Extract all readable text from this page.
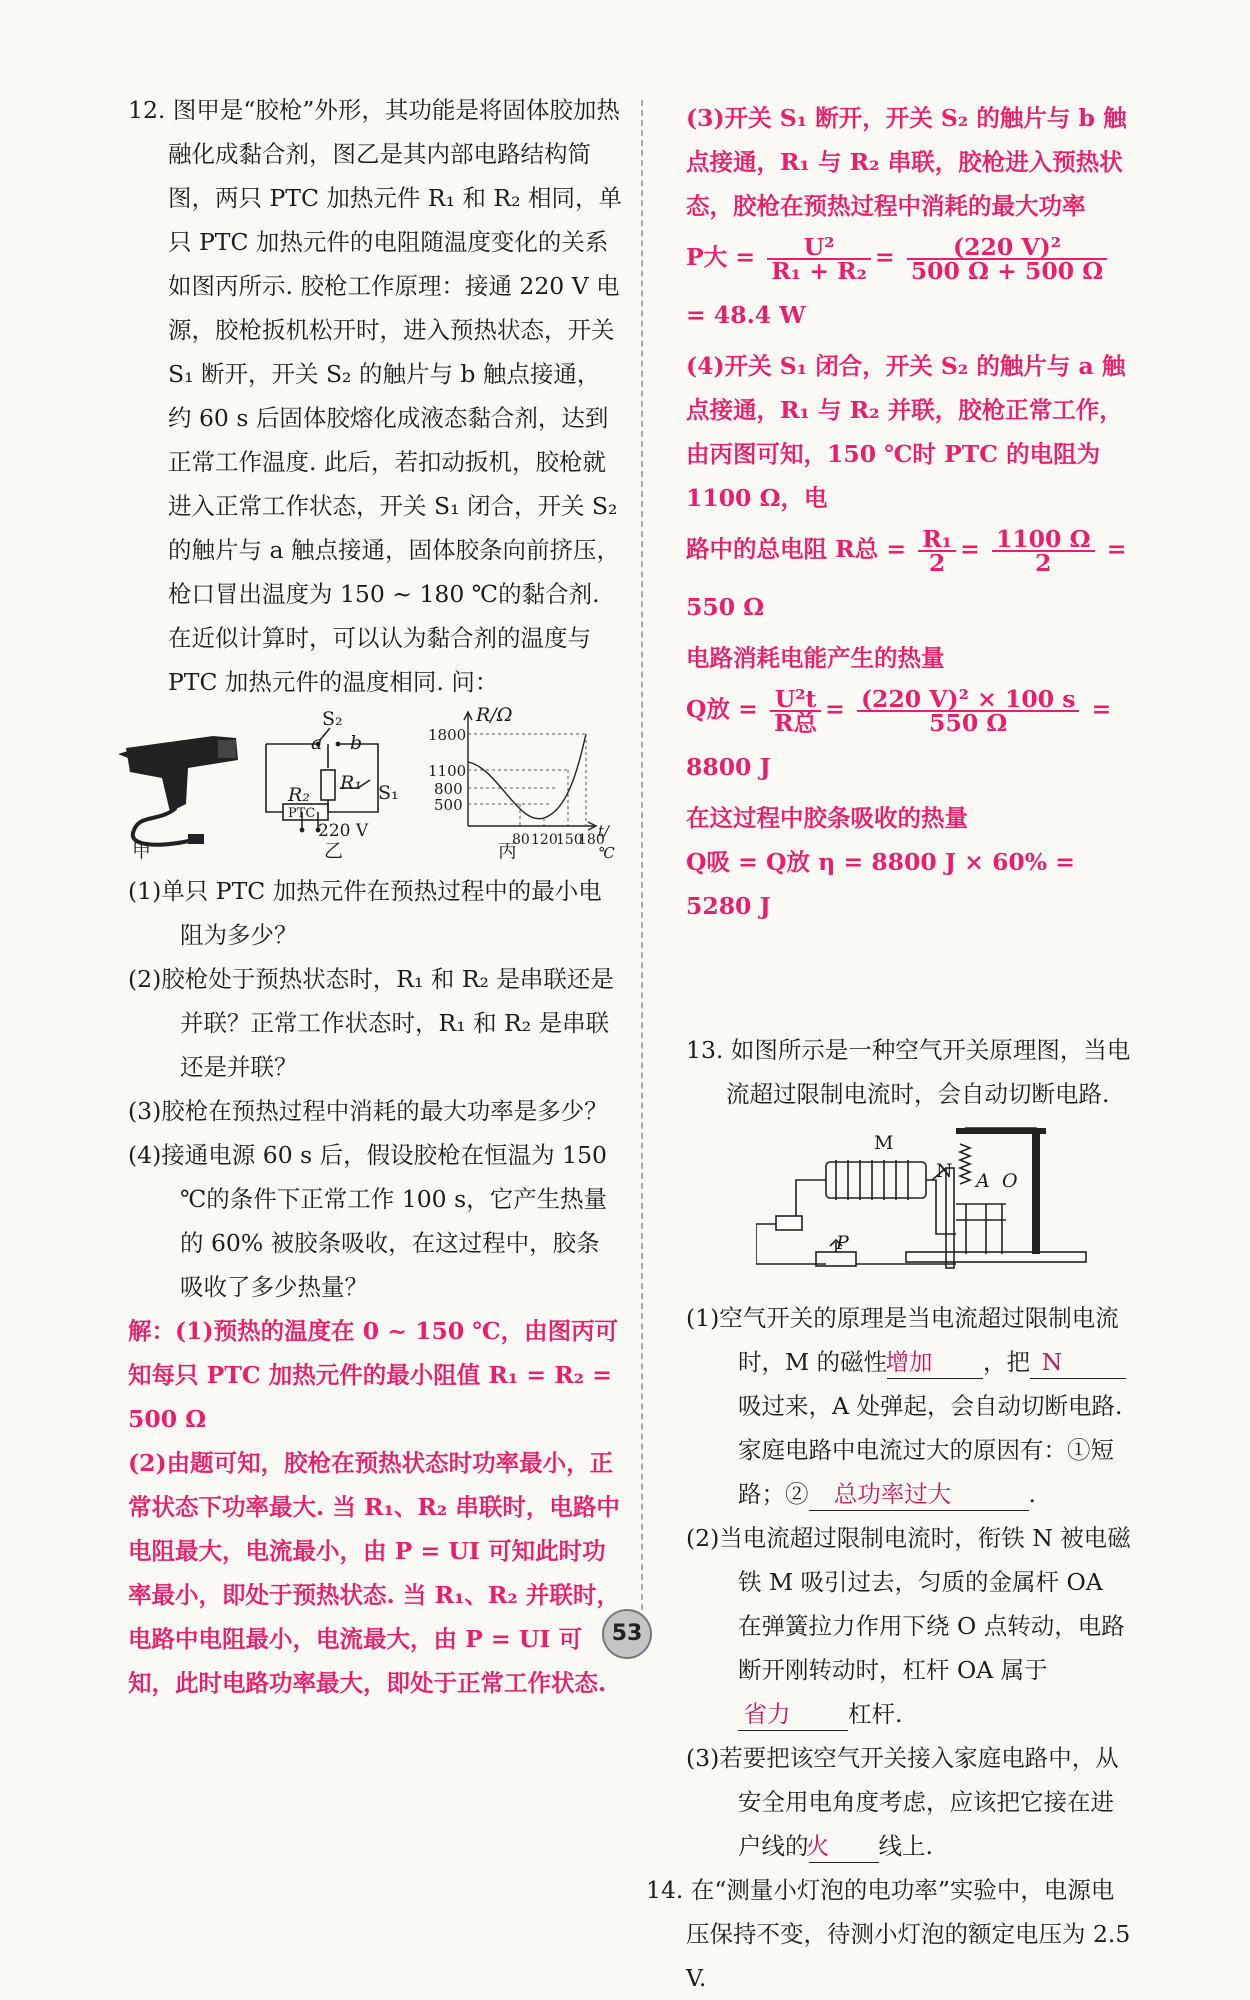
12. 图甲是“胶枪”外形，其功能是将固体胶加热融化成黏合剂，图乙是其内部电路结构简图，两只 PTC 加热元件 R₁ 和 R₂ 相同，单只 PTC 加热元件的电阻随温度变化的关系如图丙所示. 胶枪工作原理：接通 220 V 电源，胶枪扳机松开时，进入预热状态，开关 S₁ 断开，开关 S₂ 的触片与 b 触点接通，约 60 s 后固体胶熔化成液态黏合剂，达到正常工作温度. 此后，若扣动扳机，胶枪就进入正常工作状态，开关 S₁ 闭合，开关 S₂ 的触片与 a 触点接通，固体胶条向前挤压，枪口冒出温度为 150 ~ 180 ℃的黏合剂. 在近似计算时，可以认为黏合剂的温度与 PTC 加热元件的温度相同. 问：

甲
S₂
a b
R₁ S₁
R₂
PTC
220 V
乙
R/Ω
1800
1100
800
500
80 120
150
180
t/℃
丙

(1)单只 PTC 加热元件在预热过程中的最小电阻为多少？

(2)胶枪处于预热状态时，R₁ 和 R₂ 是串联还是并联？正常工作状态时，R₁ 和 R₂ 是串联还是并联？

(3)胶枪在预热过程中消耗的最大功率是多少？

(4)接通电源 60 s 后，假设胶枪在恒温为 150 ℃的条件下正常工作 100 s，它产生热量的 60% 被胶条吸收，在这过程中，胶条吸收了多少热量？

解：(1)预热的温度在 0 ~ 150 ℃，由图丙可知每只 PTC 加热元件的最小阻值 R₁ = R₂ = 500 Ω

(2)由题可知，胶枪在预热状态时功率最小，正常状态下功率最大. 当 R₁、R₂ 串联时，电路中电阻最大，电流最小，由 P = UI 可知此时功率最小，即处于预热状态. 当 R₁、R₂ 并联时，电路中电阻最小，电流最大，由 P = UI 可知，此时电路功率最大，即处于正常工作状态.

(3)开关 S₁ 断开，开关 S₂ 的触片与 b 触点接通，R₁ 与 R₂ 串联，胶枪进入预热状态，胶枪在预热过程中消耗的最大功率

P大 = $\frac{\text{U²}}{\text{R₁ + R₂}} = \frac{\text{(220 V)²}}{500 \Omega + 500 \Omega}$
= 48.4 W

(4)开关 S₁ 闭合，开关 S₂ 的触片与 a 触点接通，R₁ 与 R₂ 并联，胶枪正常工作，由丙图可知，150 ℃时 PTC 的电阻为 1100 Ω，电

路中的总电阻 R总 = $\frac{\text{R₁}}{2} = \frac{1100 \Omega}{2} = 550$ Ω

电路消耗电能产生的热量

Q放 = $\frac{\text{U²t}}{\text{R总}} = \frac{\text{(220 V)² × 100 s}}{550 \Omega} = 8800$ J

在这过程中胶条吸收的热量

Q吸 = Q放 η = 8800 J × 60% = 5280 J

13. 如图所示是一种空气开关原理图，当电流超过限制电流时，会自动切断电路.

M
N A O
P

(1)空气开关的原理是当电流超过限制电流时，M 的磁性增加 ，把 N吸过来，A 处弹起，会自动切断电路. 家庭电路中电流过大的原因有：①短路；② 总功率过大	.

(2)当电流超过限制电流时，衔铁 N 被电磁铁 M 吸引过去，匀质的金属杆 OA 在弹簧拉力作用下绕 O 点转动，电路断开刚转动时，杠杆 OA 属于省力 杠杆.

(3)若要把该空气开关接入家庭电路中，从安全用电角度考虑，应该把它接在进户线的火 线上.

14. 在“测量小灯泡的电功率”实验中，电源电压保持不变，待测小灯泡的额定电压为 2.5 V.

53
